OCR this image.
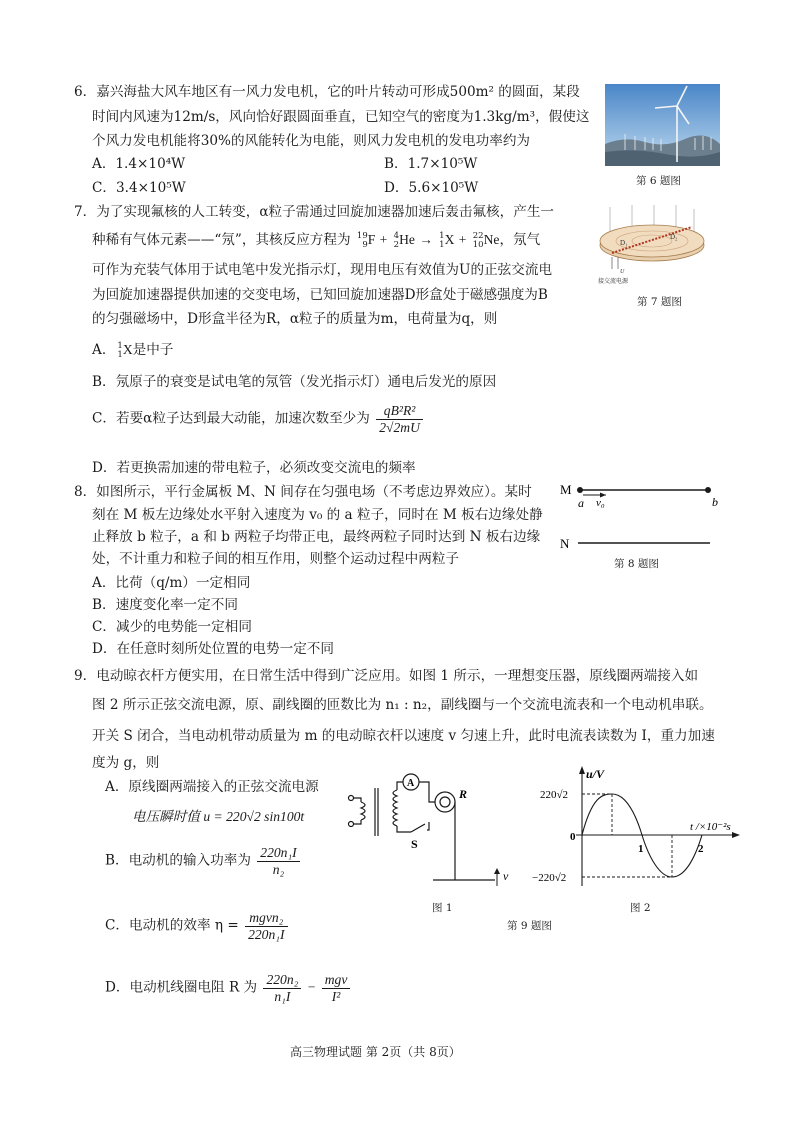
6．嘉兴海盐大风车地区有一风力发电机，它的叶片转动可形成500m² 的圆面，某段
时间内风速为12m/s，风向恰好跟圆面垂直，已知空气的密度为1.3kg/m³，假使这
个风力发电机能将30%的风能转化为电能，则风力发电机的发电功率约为
A．1.4×10⁴W	B．1.7×10⁵W
C．3.4×10⁵W	D．5.6×10⁵W	第 6 题图
7．为了实现氟核的人工转变，α粒子需通过回旋加速器加速后轰击氟核，产生一
种稀有气体元素——“氖”，其核反应方程为 19
9 F + 4
2 He → 1
1 X + 22
10 Ne，氖气
可作为充装气体用于试电笔中发光指示灯，现用电压有效值为U的正弦交流电
为回旋加速器提供加速的交变电场，已知回旋加速器D形盒处于磁感强度为B
的匀强磁场中，D形盒半径为R，α粒子的质量为m，电荷量为q，则
A． 1
1 X是中子
B．氖原子的衰变是试电笔的氖管（发光指示灯）通电后发光的原因
C．若要α粒子达到最大动能，加速次数至少为 $\frac{\text{qB²R²}}{2√2mU}$
D．若更换需加速的带电粒子，必须改变交流电的频率
D₁
D₂
U
接交流电源
第 7 题图
8．如图所示，平行金属板 M、N 间存在匀强电场（不考虑边界效应）。某时
刻在 M 板左边缘处水平射入速度为 v₀ 的 a 粒子，同时在 M 板右边缘处静
止释放 b 粒子，a 和 b 两粒子均带正电，最终两粒子同时达到 N 板右边缘
处，不计重力和粒子间的相互作用，则整个运动过程中两粒子
A．比荷（q/m）一定相同
B．速度变化率一定不同
C．减少的电势能一定相同
D．在任意时刻所处位置的电势一定不同
M
N
a v₀	b
第 8 题图
9．电动晾衣杆方便实用，在日常生活中得到广泛应用。如图 1 所示，一理想变压器，原线圈两端接入如
图 2 所示正弦交流电源，原、副线圈的匝数比为 n₁ : n₂，副线圈与一个交流电流表和一个电动机串联。
开关 S 闭合，当电动机带动质量为 m 的电动晾衣杆以速度 v 匀速上升，此时电流表读数为 I，重力加速
度为 g，则
A．原线圈两端接入的正弦交流电源
电压瞬时值 u = 220√2 sin100t
B．电动机的输入功率为 $\frac{\text{220n₁I}}{\text{n₂}}$
C．电动机的效率 $\eta = \frac{\text{mgvn₂}}{\text{220n₁I}}$
D．电动机线圈电阻 R 为 $\frac{\text{220n₂}}{\text{n₁I}} - \frac{\text{mgv}}{\text{I²}}$
A
R
S
v
图 1
第 9 题图
u/V
220√2
−220√2
0
1	2
t /×10⁻²s
图 2
高三物理试题 第 2页（共 8页）
